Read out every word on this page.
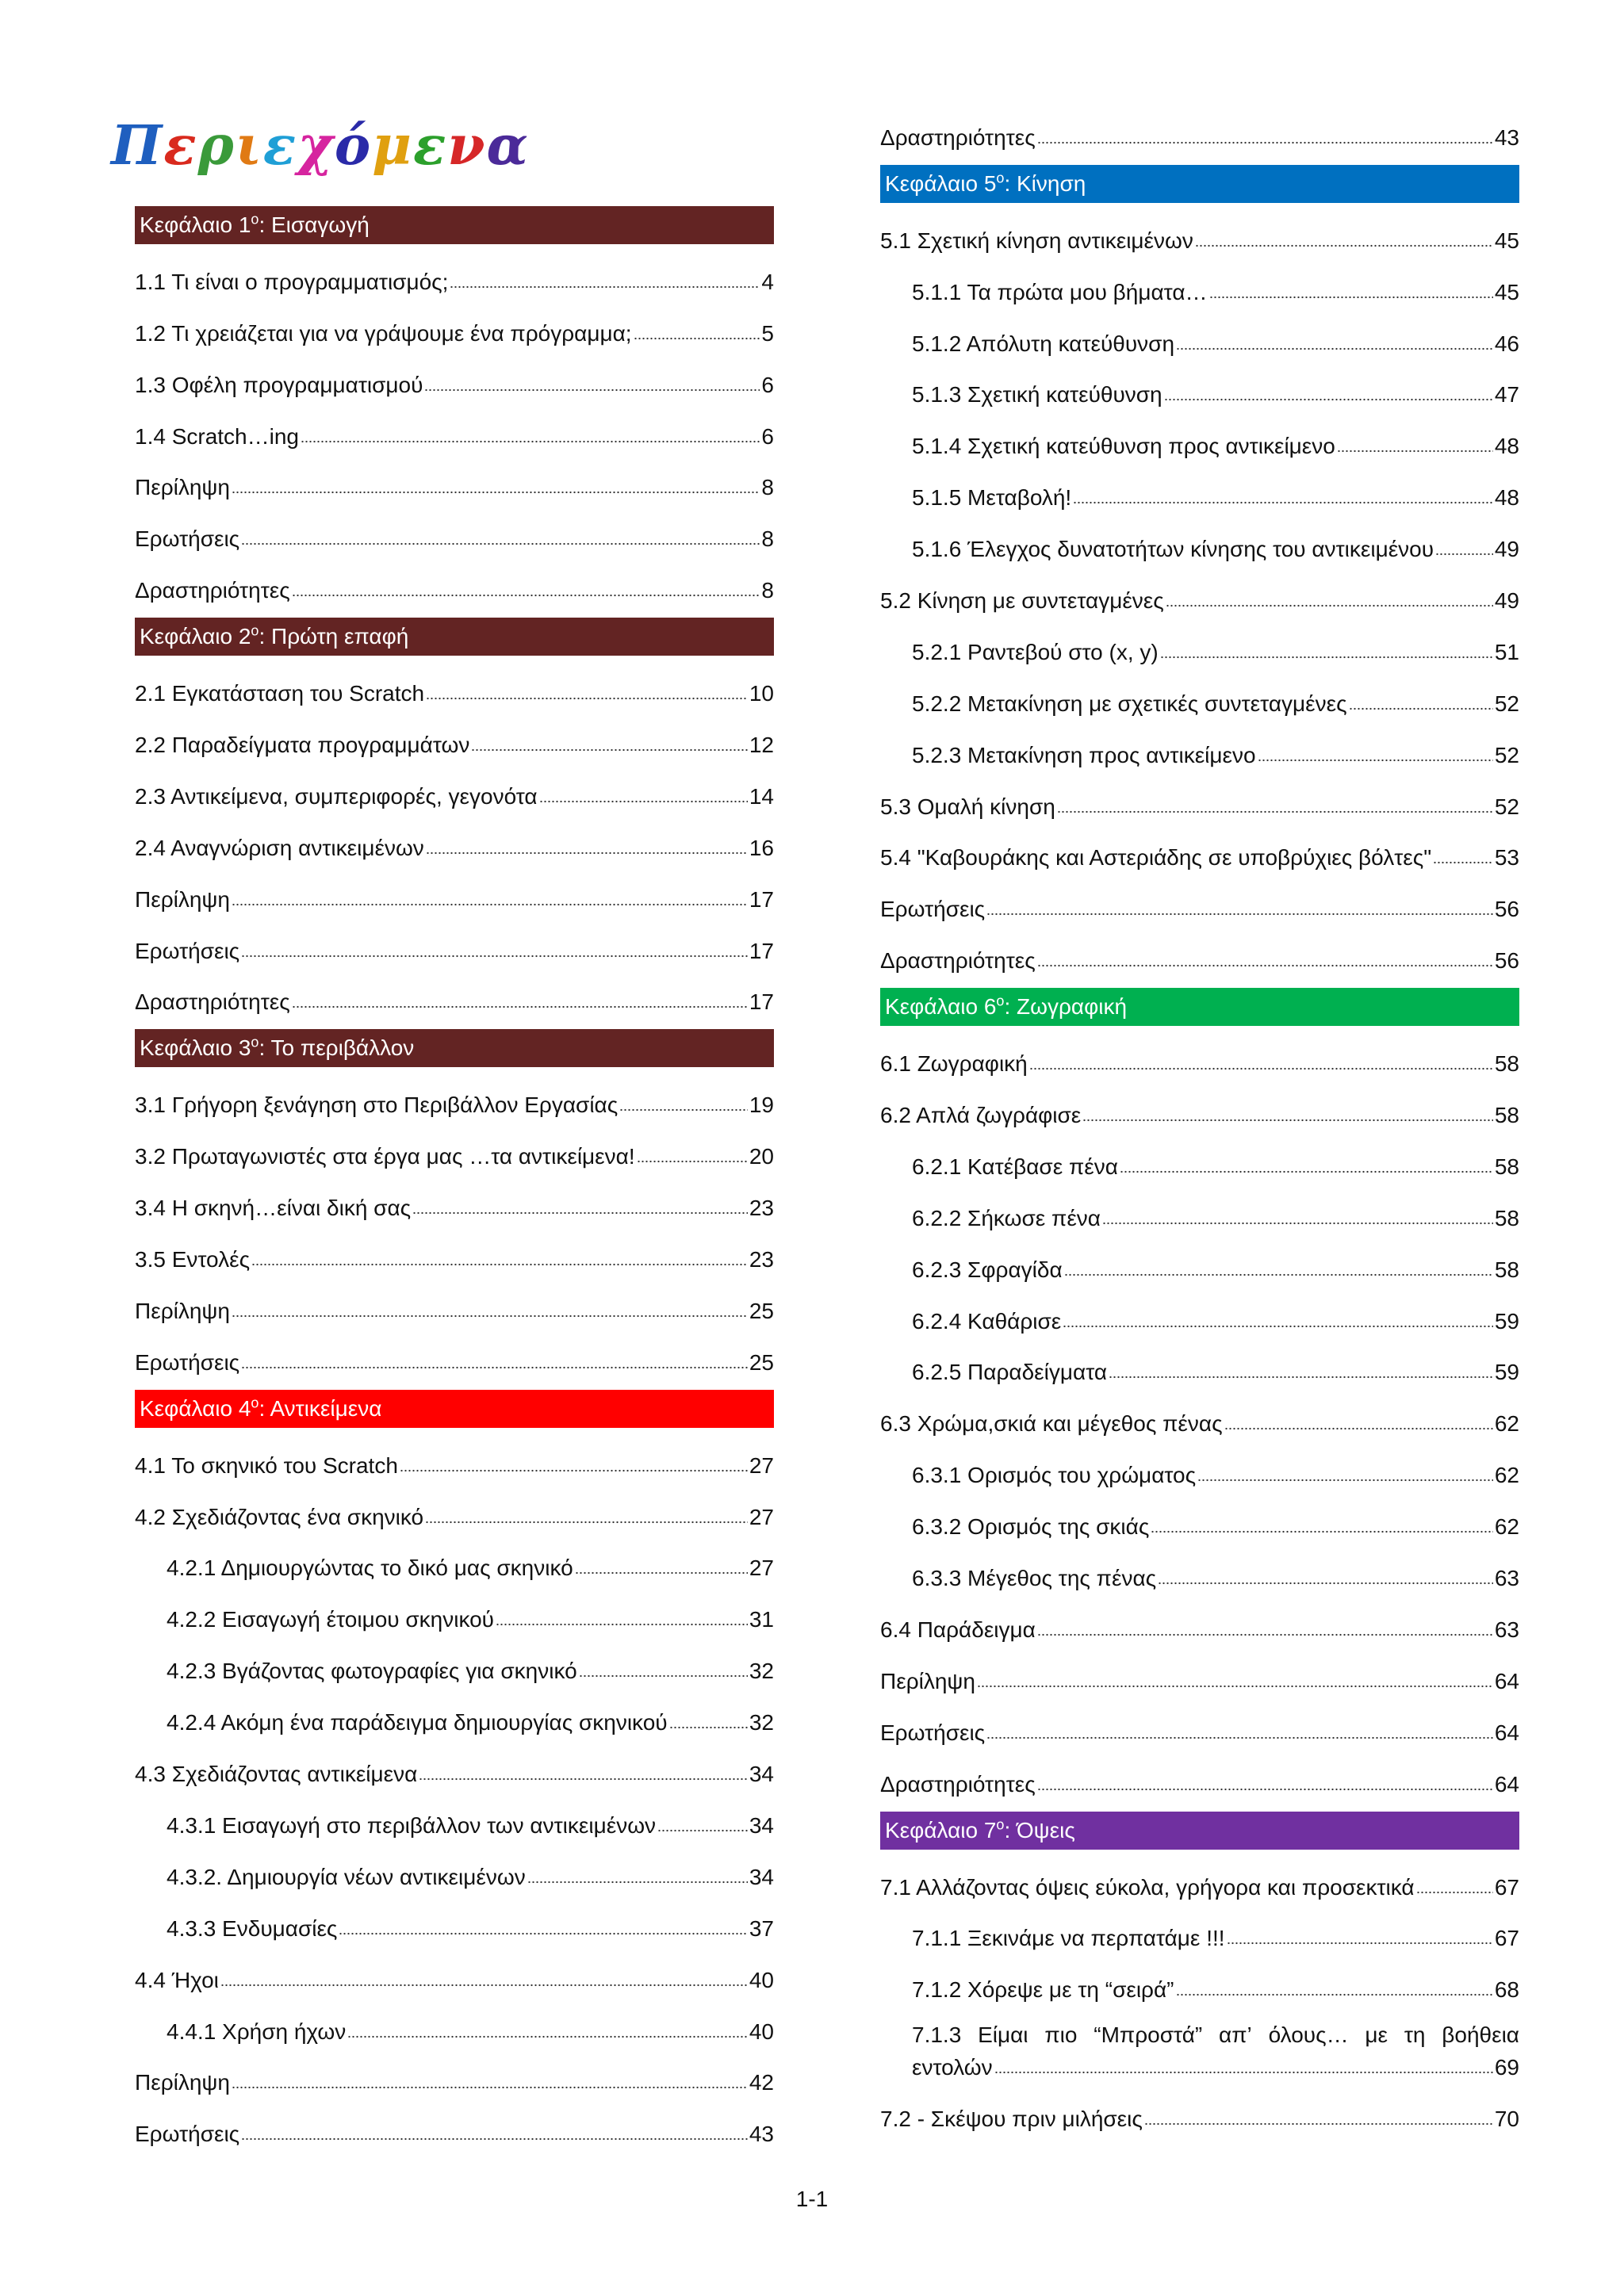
Περιεχόμενα
Κεφάλαιο $1^o$: Εισαγωγή
1.1 Τι είναι ο προγραμματισμός;	4
1.2 Τι χρειάζεται για να γράψουμε ένα πρόγραμμα;	5
1.3 Οφέλη προγραμματισμού	6
1.4 Scratch…ing	6
Περίληψη	8
Ερωτήσεις	8
Δραστηριότητες	8
Κεφάλαιο $2^o$: Πρώτη επαφή
2.1 Εγκατάσταση του Scratch	10
2.2 Παραδείγματα προγραμμάτων	12
2.3 Αντικείμενα, συμπεριφορές, γεγονότα	14
2.4 Αναγνώριση αντικειμένων	16
Περίληψη	17
Ερωτήσεις	17
Δραστηριότητες	17
Κεφάλαιο $3^o$: Το περιβάλλον
3.1 Γρήγορη ξενάγηση στο Περιβάλλον Εργασίας	19
3.2 Πρωταγωνιστές στα έργα μας …τα αντικείμενα!	20
3.4 Η σκηνή…είναι δική σας	23
3.5 Εντολές	23
Περίληψη	25
Ερωτήσεις	25
Κεφάλαιο $4^o$: Αντικείμενα
4.1 Το σκηνικό του Scratch	27
4.2 Σχεδιάζοντας ένα σκηνικό	27
4.2.1 Δημιουργώντας το δικό μας σκηνικό	27
4.2.2 Εισαγωγή έτοιμου σκηνικού	31
4.2.3 Βγάζοντας φωτογραφίες για σκηνικό	32
4.2.4 Ακόμη ένα παράδειγμα δημιουργίας σκηνικού	32
4.3 Σχεδιάζοντας αντικείμενα	34
4.3.1 Εισαγωγή στο περιβάλλον των αντικειμένων	34
4.3.2. Δημιουργία νέων αντικειμένων	34
4.3.3 Ενδυμασίες	37
4.4 Ήχοι	40
4.4.1 Χρήση ήχων	40
Περίληψη	42
Ερωτήσεις	43
Δραστηριότητες	43
Κεφάλαιο $5^o$: Κίνηση
5.1 Σχετική κίνηση αντικειμένων	45
5.1.1 Τα πρώτα μου βήματα…	45
5.1.2 Απόλυτη κατεύθυνση	46
5.1.3 Σχετική κατεύθυνση	47
5.1.4 Σχετική κατεύθυνση προς αντικείμενο	48
5.1.5 Μεταβολή!	48
5.1.6 Έλεγχος δυνατοτήτων κίνησης του αντικειμένου	49
5.2 Κίνηση με συντεταγμένες	49
5.2.1 Ραντεβού στο (x, y)	51
5.2.2 Μετακίνηση με σχετικές συντεταγμένες	52
5.2.3 Μετακίνηση προς αντικείμενο	52
5.3 Ομαλή κίνηση	52
5.4 "Καβουράκης και Αστεριάδης σε υποβρύχιες βόλτες"	53
Ερωτήσεις	56
Δραστηριότητες	56
Κεφάλαιο $6^o$: Ζωγραφική
6.1 Ζωγραφική	58
6.2 Απλά ζωγράφισε	58
6.2.1 Κατέβασε πένα	58
6.2.2 Σήκωσε πένα	58
6.2.3 Σφραγίδα	58
6.2.4 Καθάρισε	59
6.2.5 Παραδείγματα	59
6.3 Χρώμα,σκιά και μέγεθος πένας	62
6.3.1 Ορισμός του χρώματος	62
6.3.2 Ορισμός της σκιάς	62
6.3.3 Μέγεθος της πένας	63
6.4 Παράδειγμα	63
Περίληψη	64
Ερωτήσεις	64
Δραστηριότητες	64
Κεφάλαιο $7^o$: Όψεις
7.1 Αλλάζοντας όψεις εύκολα, γρήγορα και προσεκτικά	67
7.1.1 Ξεκινάμε να περπατάμε !!!	67
7.1.2 Χόρεψε με τη “σειρά”	68
7.1.3 Είμαι πιο “Μπροστά” απ’ όλους… με τη βοήθεια
εντολών	69
7.2 - Σκέψου πριν μιλήσεις	70
1-1
